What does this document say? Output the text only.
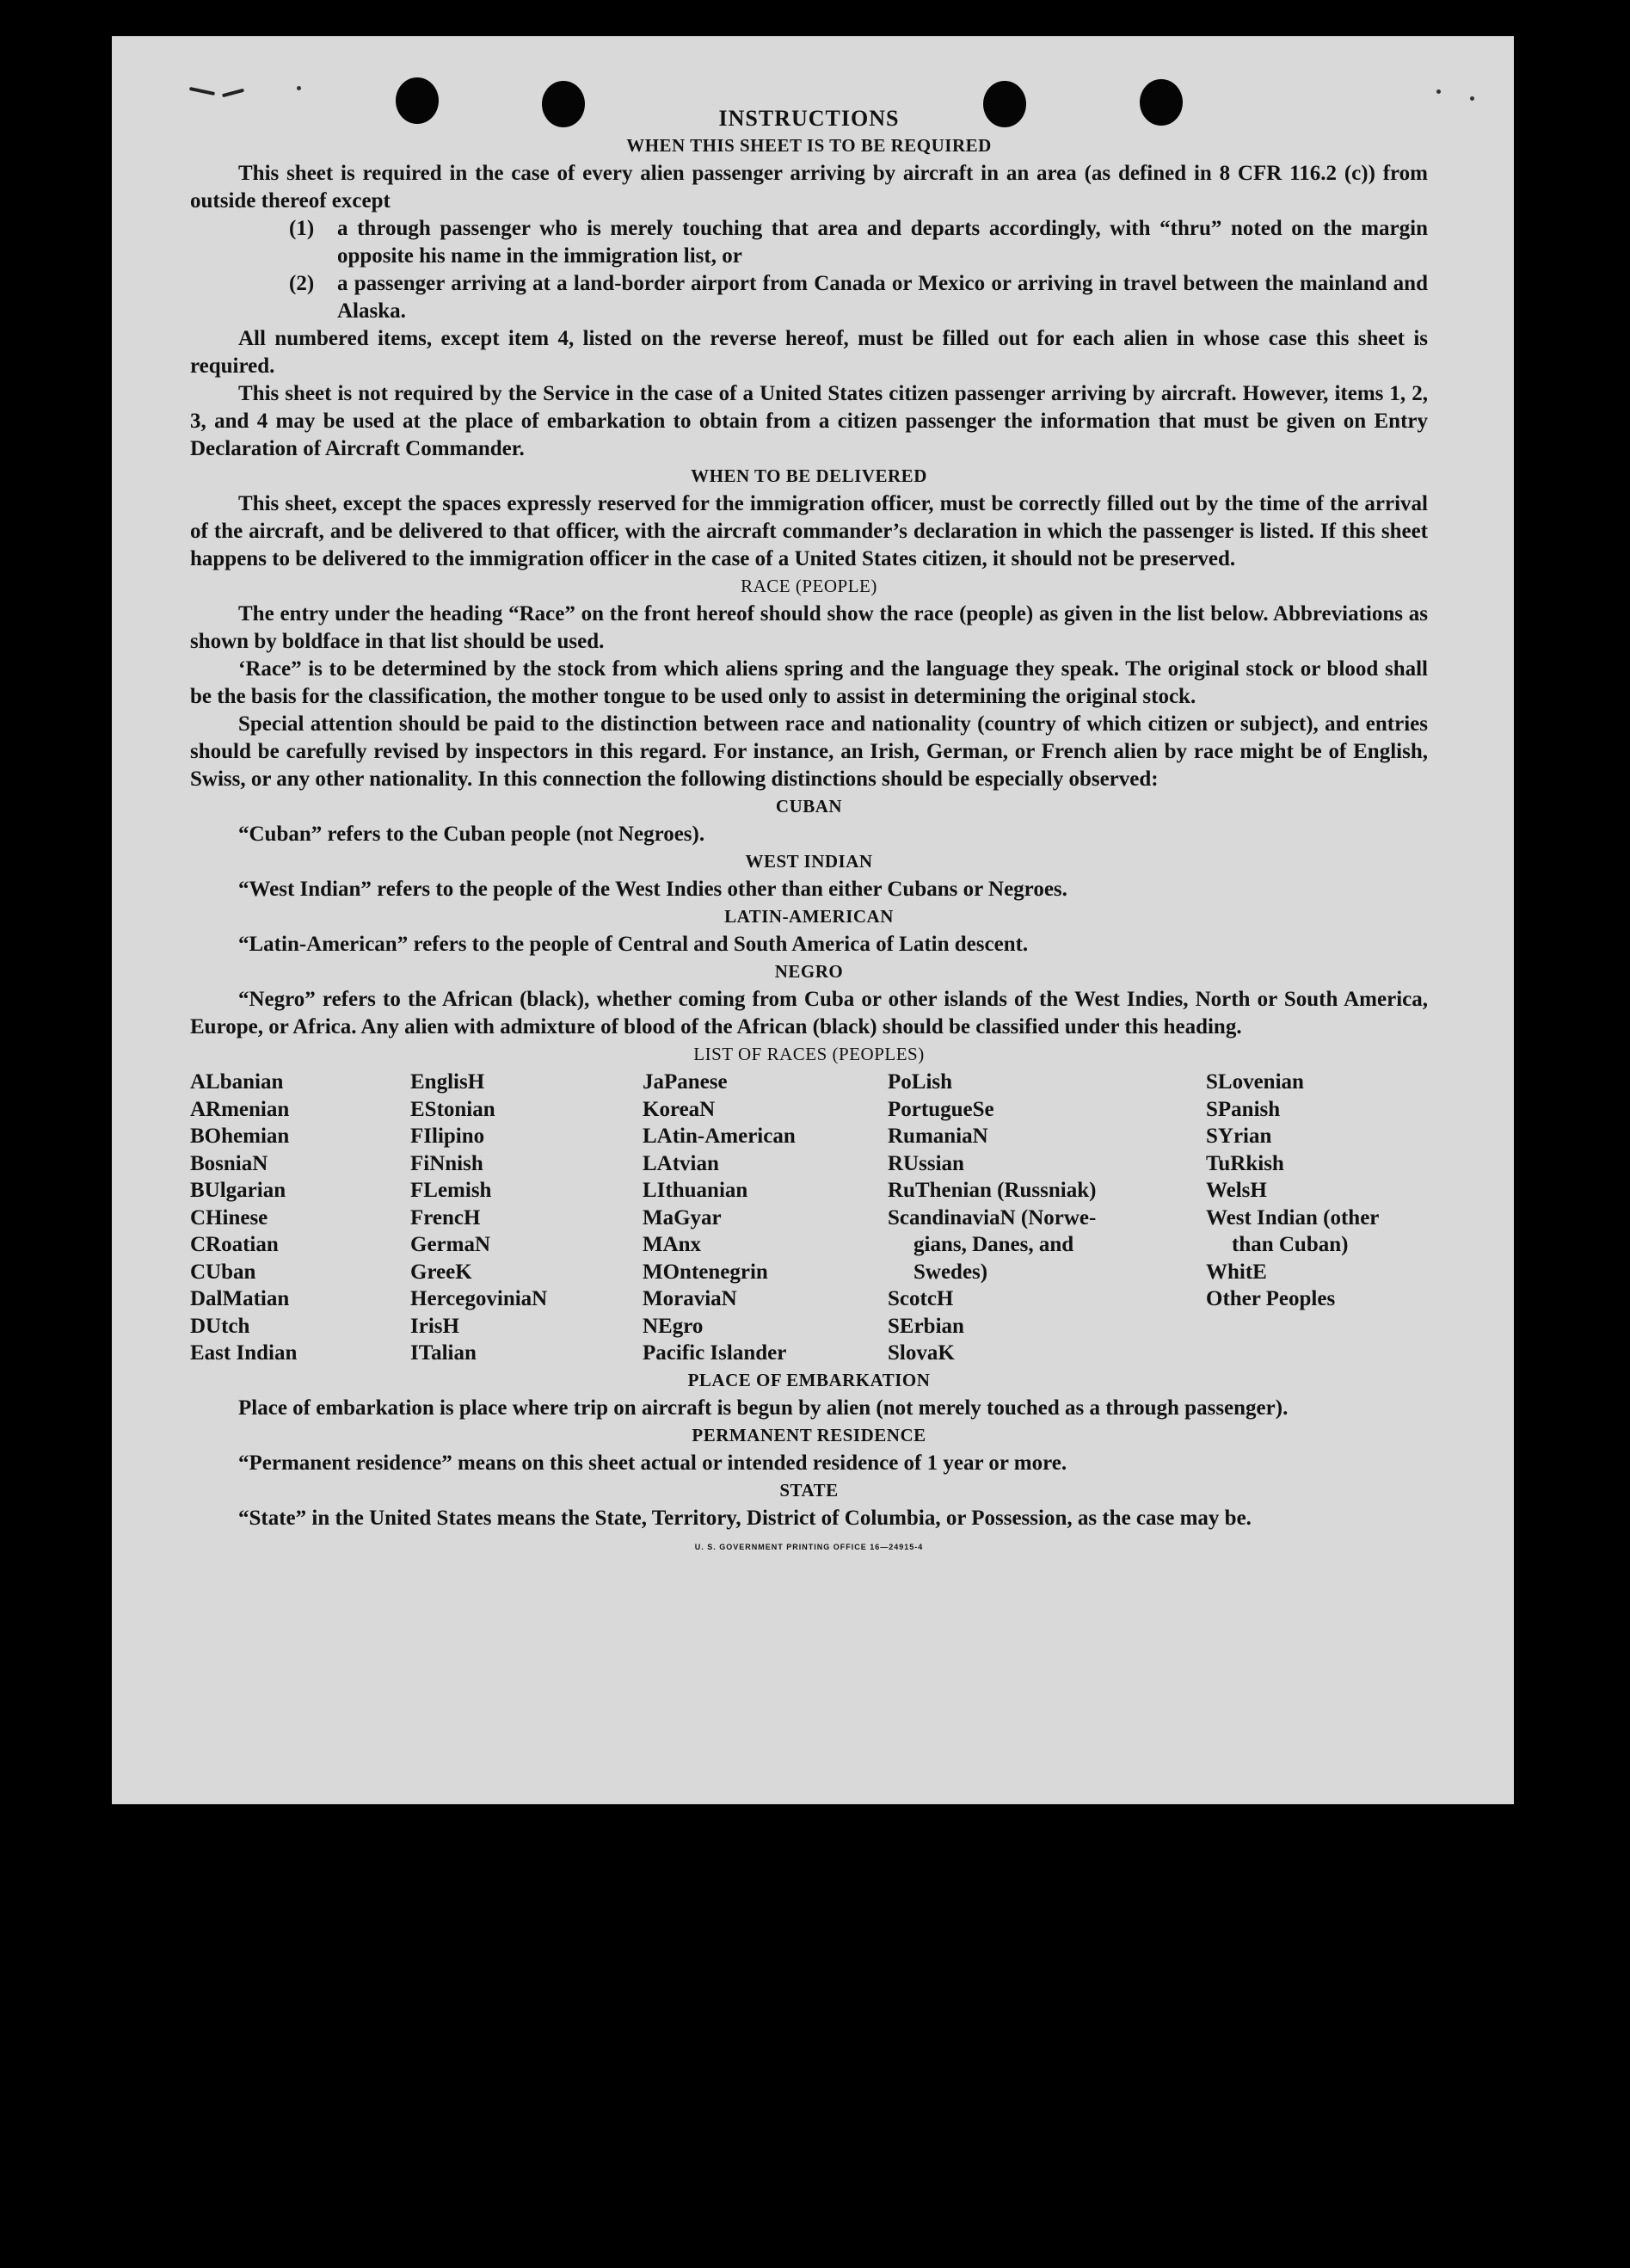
INSTRUCTIONS
WHEN THIS SHEET IS TO BE REQUIRED

This sheet is required in the case of every alien passenger arriving by aircraft in an area (as defined in 8 CFR 116.2 (c)) from outside thereof except

(1)	a through passenger who is merely touching that area and departs accordingly, with “thru” noted on the margin opposite his name in the immigration list, or
(2)	a passenger arriving at a land-border airport from Canada or Mexico or arriving in travel between the mainland and Alaska.

All numbered items, except item 4, listed on the reverse hereof, must be filled out for each alien in whose case this sheet is required.

This sheet is not required by the Service in the case of a United States citizen passenger arriving by aircraft. However, items 1, 2, 3, and 4 may be used at the place of embarkation to obtain from a citizen passenger the information that must be given on Entry Declaration of Aircraft Commander.

WHEN TO BE DELIVERED

This sheet, except the spaces expressly reserved for the immigration officer, must be correctly filled out by the time of the arrival of the aircraft, and be delivered to that officer, with the aircraft commander’s declaration in which the passenger is listed. If this sheet happens to be delivered to the immigration officer in the case of a United States citizen, it should not be preserved.

RACE (PEOPLE)

The entry under the heading “Race” on the front hereof should show the race (people) as given in the list below. Abbreviations as shown by boldface in that list should be used.

‘Race” is to be determined by the stock from which aliens spring and the language they speak. The original stock or blood shall be the basis for the classification, the mother tongue to be used only to assist in determining the original stock.

Special attention should be paid to the distinction between race and nationality (country of which citizen or subject), and entries should be carefully revised by inspectors in this regard. For instance, an Irish, German, or French alien by race might be of English, Swiss, or any other nationality. In this connection the following distinctions should be especially observed:

CUBAN

“Cuban” refers to the Cuban people (not Negroes).

WEST INDIAN

“West Indian” refers to the people of the West Indies other than either Cubans or Negroes.

LATIN-AMERICAN

“Latin-American” refers to the people of Central and South America of Latin descent.

NEGRO

“Negro” refers to the African (black), whether coming from Cuba or other islands of the West Indies, North or South America, Europe, or Africa. Any alien with admixture of blood of the African (black) should be classified under this heading.

LIST OF RACES (PEOPLES)
ALbanian
ARmenian
BOhemian
BosniaN
BUlgarian
CHinese
CRoatian
CUban
DalMatian
DUtch
East Indian
EnglisH
EStonian
FIlipino
FiNnish
FLemish
FrencH
GermaN
GreeK
HercegoviniaN
IrisH
ITalian
JaPanese
KoreaN
LAtin-American
LAtvian
LIthuanian
MaGyar
MAnx
MOntenegrin
MoraviaN
NEgro
Pacific Islander
PoLish
PortugueSe
RumaniaN
RUssian
RuThenian (Russniak)
ScandinaviaN (Norwe-
gians, Danes, and
Swedes)
ScotcH
SErbian
SlovaK
SLovenian
SPanish
SYrian
TuRkish
WelsH
West Indian (other
than Cuban)
WhitE
Other Peoples
PLACE OF EMBARKATION

Place of embarkation is place where trip on aircraft is begun by alien (not merely touched as a through passenger).

PERMANENT RESIDENCE

“Permanent residence” means on this sheet actual or intended residence of 1 year or more.

STATE

“State” in the United States means the State, Territory, District of Columbia, or Possession, as the case may be.

U. S. GOVERNMENT PRINTING OFFICE 16—24915-4
